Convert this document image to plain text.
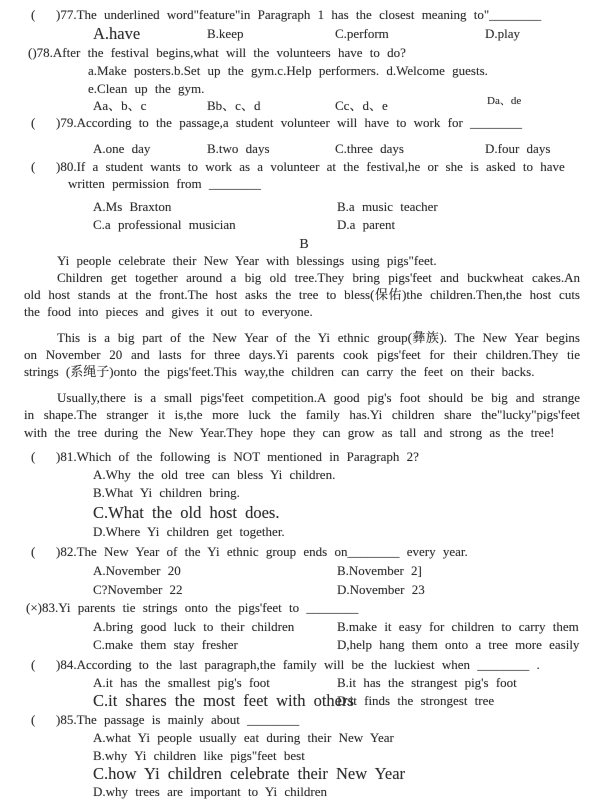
( )77.The underlined word"feature"in Paragraph 1 has the closest meaning to"________
A.have	B.keep	C.perform	D.play
()78.After the festival begins,what will the volunteers have to do?
a.Make posters.b.Set up the gym.c.Help performers. d.Welcome guests.
e.Clean up the gym.
Aa、b、c	Bb、c、d	Cc、d、e	Da、de
( )79.According to the passage,a student volunteer will have to work for ________
A.one day	B.two days	C.three days	D.four days
( )80.If a student wants to work as a volunteer at the festival,he or she is asked to have
written permission from ________
A.Ms Braxton	B.a music teacher
C.a professional musician	D.a parent
B
Yi people celebrate their New Year with blessings using pigs"feet.
Children get together around a big old tree.They bring pigs'feet and buckwheat cakes.An old host stands at the front.The host asks the tree to bless(保佑)the children.Then,the host cuts the food into pieces and gives it out to everyone.
This is a big part of the New Year of the Yi ethnic group(彝族). The New Year begins on November 20 and lasts for three days.Yi parents cook pigs'feet for their children.They tie strings (系绳子)onto the pigs'feet.This way,the children can carry the feet on their backs.
Usually,there is a small pigs'feet competition.A good pig's foot should be big and strange in shape.The stranger it is,the more luck the family has.Yi children share the"lucky"pigs'feet with the tree during the New Year.They hope they can grow as tall and strong as the tree!
( )81.Which of the following is NOT mentioned in Paragraph 2?
A.Why the old tree can bless Yi children.
B.What Yi children bring.
C.What the old host does.
D.Where Yi children get together.
( )82.The New Year of the Yi ethnic group ends on________ every year.
A.November 20	B.November 2]
C?November 22	D.November 23
(×)83.Yi parents tie strings onto the pigs'feet to ________
A.bring good luck to their children	B.make it easy for children to carry them
C.make them stay fresher	D,help hang them onto a tree more easily
( )84.According to the last paragraph,the family will be the luckiest when ________ .
A.it has the smallest pig's foot	B.it has the strangest pig's foot
C.it shares the most feet with others
D.it finds the strongest tree
( )85.The passage is mainly about ________
A.what Yi people usually eat during their New Year
B.why Yi children like pigs"feet best
C.how Yi children celebrate their New Year
D.why trees are important to Yi children
